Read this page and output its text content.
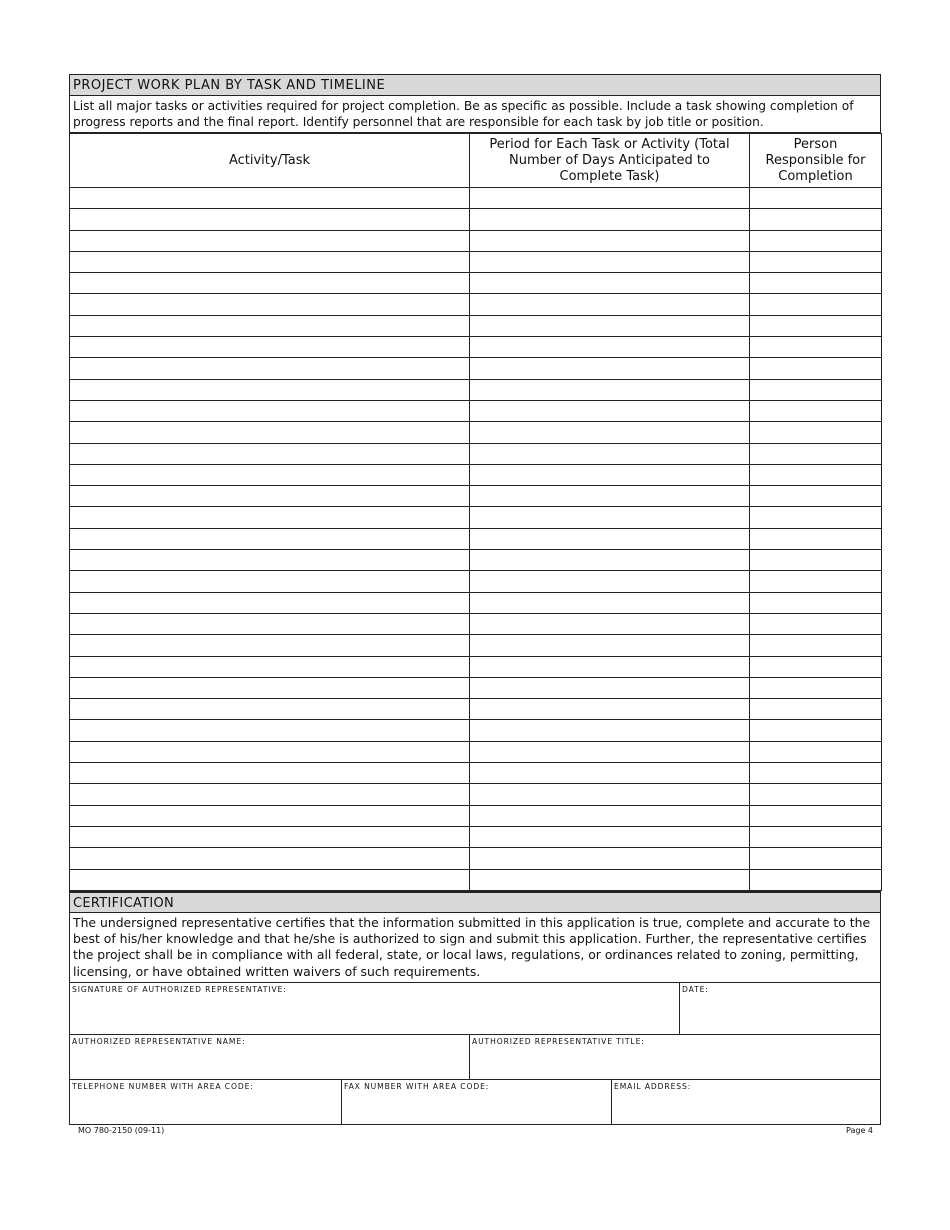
PROJECT WORK PLAN BY TASK AND TIMELINE
List all major tasks or activities required for project completion. Be as specific as possible. Include a task showing completion of progress reports and the final report. Identify personnel that are responsible for each task by job title or position.
Activity/Task	Period for Each Task or Activity (Total Number of Days Anticipated to Complete Task)	Person Responsible for Completion

CERTIFICATION
The undersigned representative certifies that the information submitted in this application is true, complete and accurate to the best of his/her knowledge and that he/she is authorized to sign and submit this application. Further, the representative certifies the project shall be in compliance with all federal, state, or local laws, regulations, or ordinances related to zoning, permitting, licensing, or have obtained written waivers of such requirements.
SIGNATURE OF AUTHORIZED REPRESENTATIVE:	DATE:
AUTHORIZED REPRESENTATIVE NAME:	AUTHORIZED REPRESENTATIVE TITLE:
TELEPHONE NUMBER WITH AREA CODE:	FAX NUMBER WITH AREA CODE:	EMAIL ADDRESS:
MO 780-2150 (09-11)	Page 4
